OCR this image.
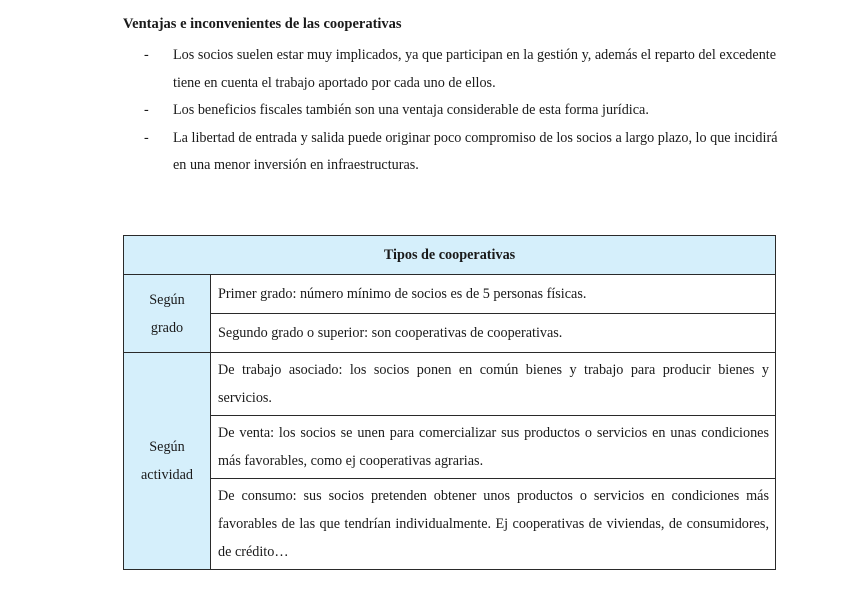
Ventajas e inconvenientes de las cooperativas
- Los socios suelen estar muy implicados, ya que participan en la gestión y, además el reparto del excedente tiene en cuenta el trabajo aportado por cada uno de ellos.
- Los beneficios fiscales también son una ventaja considerable de esta forma jurídica.
- La libertad de entrada y salida puede originar poco compromiso de los socios a largo plazo, lo que incidirá en una menor inversión en infraestructuras.
Tipos de cooperativas	
Según
grado	Primer grado: número mínimo de socios es de 5 personas físicas.
	Segundo grado o superior: son cooperativas de cooperativas.
Según
actividad	De trabajo asociado: los socios ponen en común bienes y trabajo para producir bienes y servicios.
	De venta: los socios se unen para comercializar sus productos o servicios en unas condiciones más favorables, como ej cooperativas agrarias.
	De consumo: sus socios pretenden obtener unos productos o servicios en condiciones más favorables de las que tendrían individualmente. Ej cooperativas de viviendas, de consumidores, de crédito…
